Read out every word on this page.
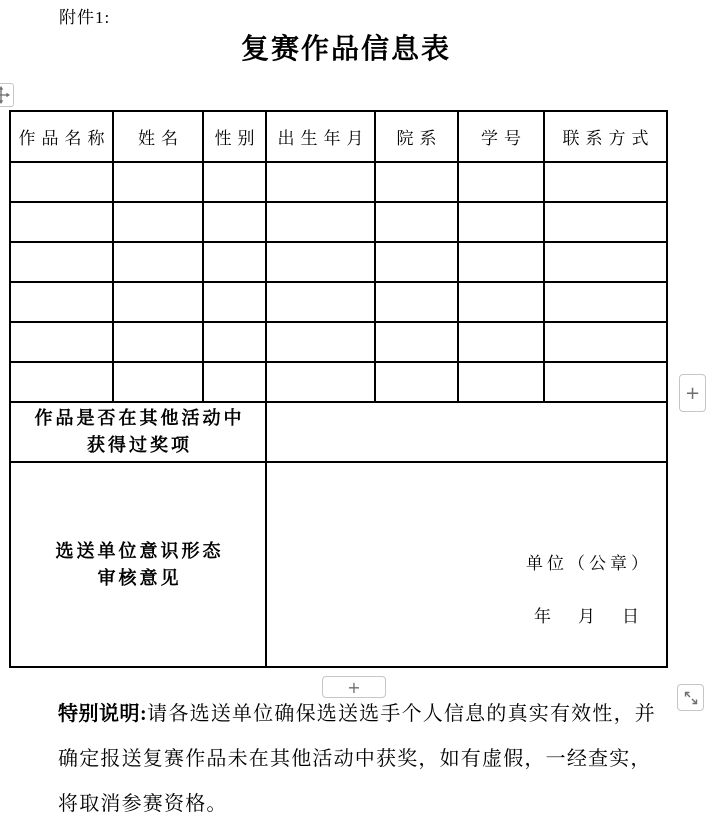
附件1:
复赛作品信息表
作品名称	姓名	性别	出生年月	院系	学号	联系方式

作品是否在其他活动中
获得过奖项						

选送单位意识形态
审核意见

单位（公章）
年　月　日
+
+
特别说明:请各选送单位确保选送选手个人信息的真实有效性，并确定报送复赛作品未在其他活动中获奖，如有虚假，一经查实，将取消参赛资格。
